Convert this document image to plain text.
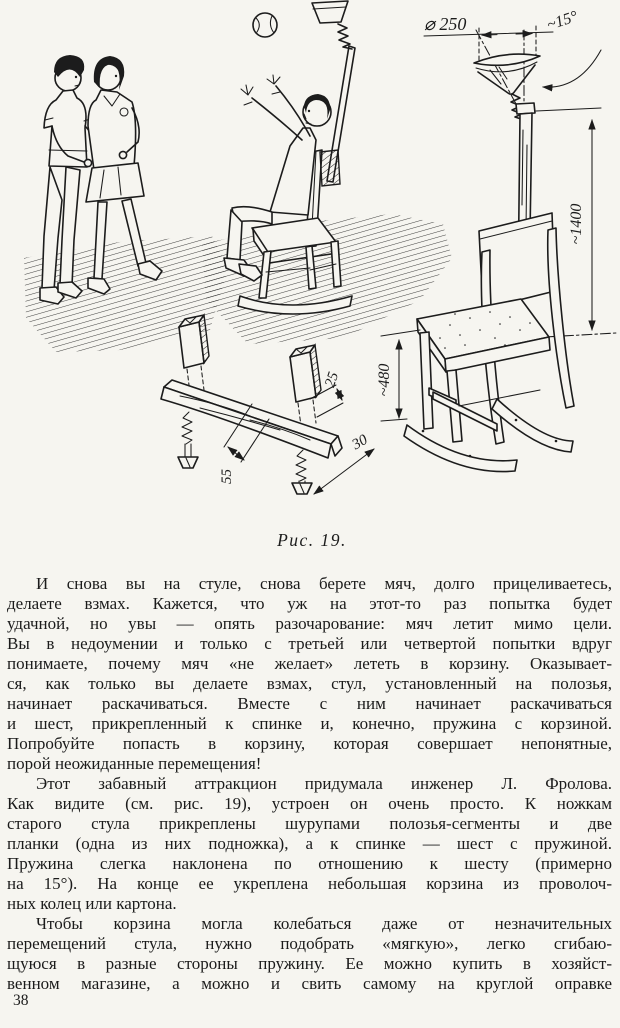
⌀ 250	~15°
~1400
~480
55
25
30
Рис. 19.
И снова вы на стуле, снова берете мяч, долго прицеливаетесь,
делаете взмах. Кажется, что уж на этот-то раз попытка будет
удачной, но увы — опять разочарование: мяч летит мимо цели.
Вы в недоумении и только с третьей или четвертой попытки вдруг
понимаете, почему мяч «не желает» лететь в корзину. Оказывает-
ся, как только вы делаете взмах, стул, установленный на полозья,
начинает раскачиваться. Вместе с ним начинает раскачиваться
и шест, прикрепленный к спинке и, конечно, пружина с корзиной.
Попробуйте попасть в корзину, которая совершает непонятные,
порой неожиданные перемещения!
Этот забавный аттракцион придумала инженер Л. Фролова.
Как видите (см. рис. 19), устроен он очень просто. К ножкам
старого стула прикреплены шурупами полозья-сегменты и две
планки (одна из них подножка), а к спинке — шест с пружиной.
Пружина слегка наклонена по отношению к шесту (примерно
на 15°). На конце ее укреплена небольшая корзина из проволоч-
ных колец или картона.
Чтобы корзина могла колебаться даже от незначительных
перемещений стула, нужно подобрать «мягкую», легко сгибаю-
щуюся в разные стороны пружину. Ее можно купить в хозяйст-
венном магазине, а можно и свить самому на круглой оправке
38
